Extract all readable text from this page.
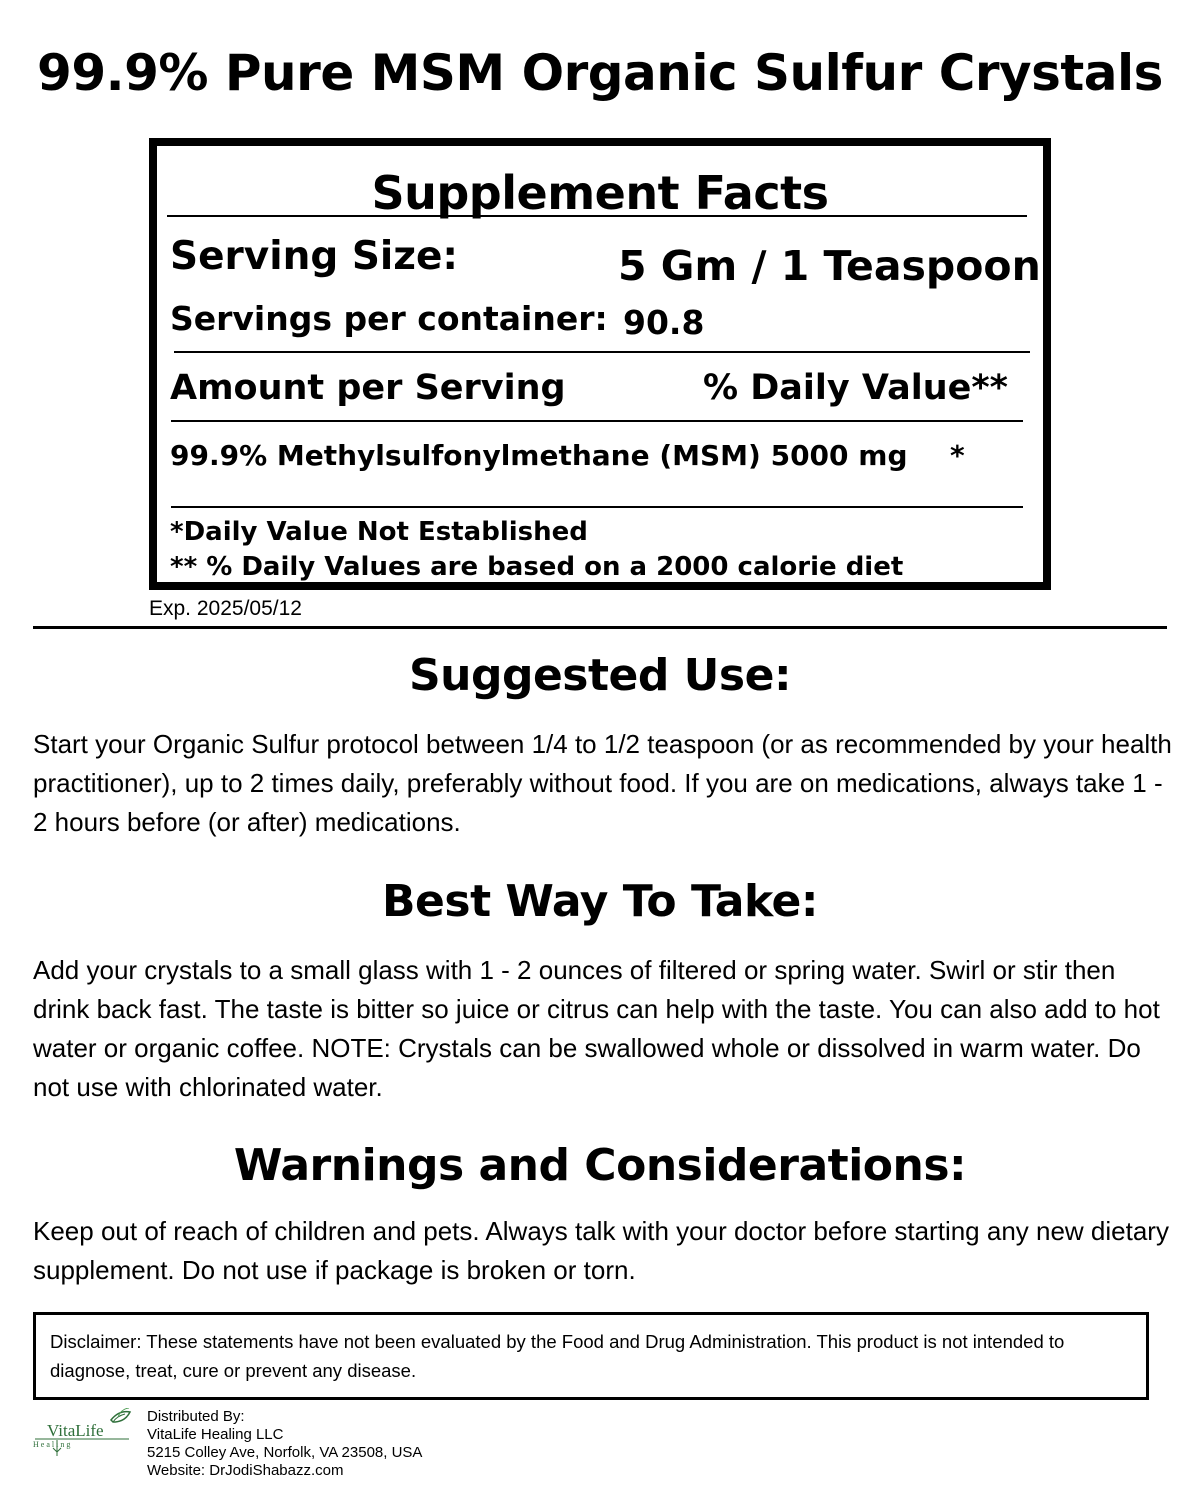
99.9% Pure MSM Organic Sulfur Crystals
Supplement Facts
Serving Size:	5 Gm / 1 Teaspoon
Servings per container: 90.8
Amount per Serving	% Daily Value**
99.9% Methylsulfonylmethane (MSM) 5000 mg *
*Daily Value Not Established
** % Daily Values are based on a 2000 calorie diet
Exp. 2025/05/12
Suggested Use:
Start your Organic Sulfur protocol between 1/4 to 1/2 teaspoon (or as recommended by your health practitioner), up to 2 times daily, preferably without food. If you are on medications, always take 1 - 2 hours before (or after) medications.
Best Way To Take:
Add your crystals to a small glass with 1 - 2 ounces of filtered or spring water. Swirl or stir then drink back fast. The taste is bitter so juice or citrus can help with the taste. You can also add to hot water or organic coffee. NOTE: Crystals can be swallowed whole or dissolved in warm water. Do not use with chlorinated water.
Warnings and Considerations:
Keep out of reach of children and pets. Always talk with your doctor before starting any new dietary supplement. Do not use if package is broken or torn.
Disclaimer: These statements have not been evaluated by the Food and Drug Administration. This product is not intended to diagnose, treat, cure or prevent any disease.
VitaLife
Healing
Distributed By:
VitaLife Healing LLC
5215 Colley Ave, Norfolk, VA 23508, USA
Website: DrJodiShabazz.com
